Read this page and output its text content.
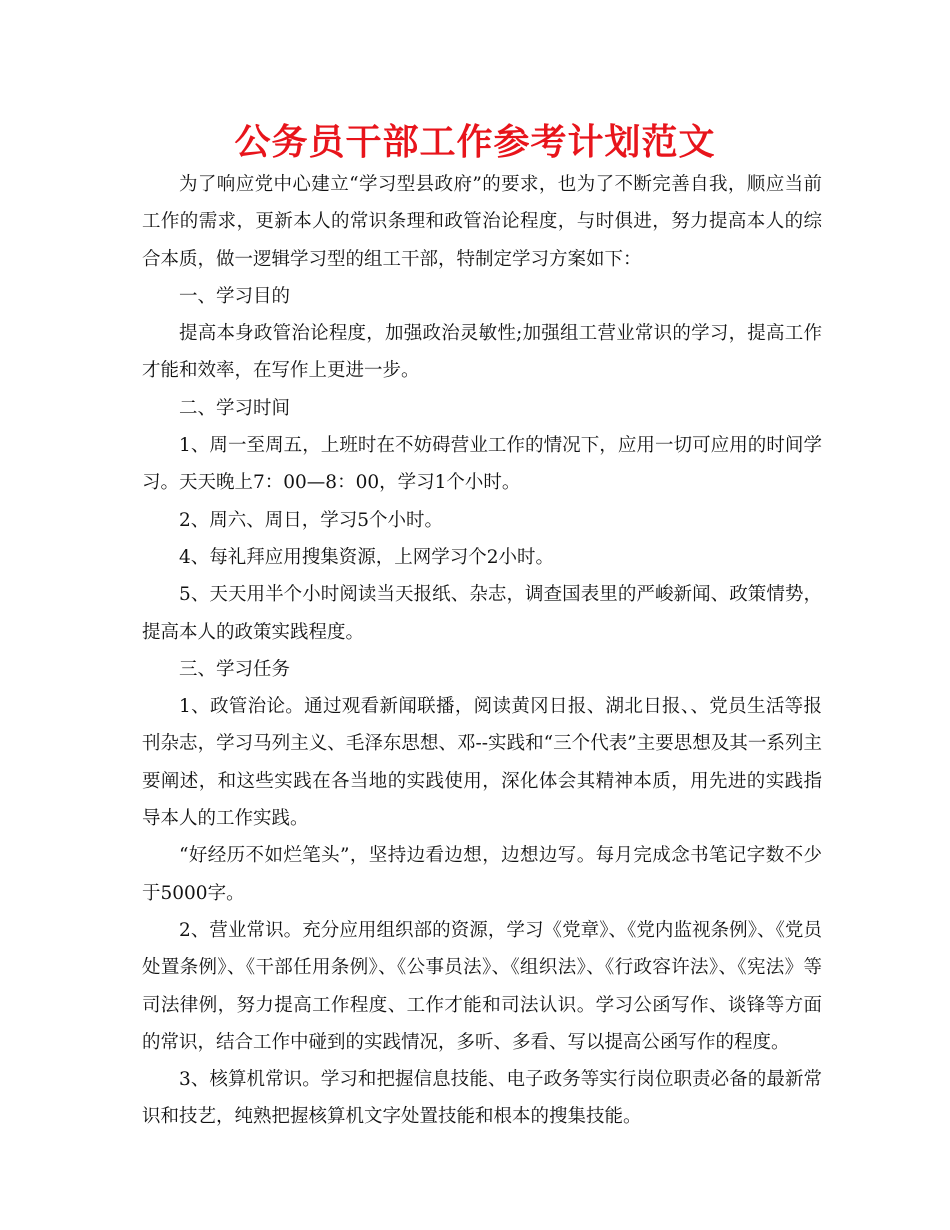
公务员干部工作参考计划范文

为了响应党中心建立“学习型县政府”的要求，也为了不断完善自我，顺应当前工作的需求，更新本人的常识条理和政管治论程度，与时俱进，努力提高本人的综合本质，做一逻辑学习型的组工干部，特制定学习方案如下：

一、学习目的

提高本身政管治论程度，加强政治灵敏性;加强组工营业常识的学习，提高工作才能和效率，在写作上更进一步。

二、学习时间

1、周一至周五，上班时在不妨碍营业工作的情况下，应用一切可应用的时间学习。天天晚上7：00—8：00，学习1个小时。

2、周六、周日，学习5个小时。

4、每礼拜应用搜集资源，上网学习个2小时。

5、天天用半个小时阅读当天报纸、杂志，调查国表里的严峻新闻、政策情势，提高本人的政策实践程度。

三、学习任务

1、政管治论。通过观看新闻联播，阅读黄冈日报、湖北日报、、党员生活等报刊杂志，学习马列主义、毛泽东思想、邓--实践和“三个代表”主要思想及其一系列主要阐述，和这些实践在各当地的实践使用，深化体会其精神本质，用先进的实践指导本人的工作实践。

“好经历不如烂笔头”，坚持边看边想，边想边写。每月完成念书笔记字数不少于5000字。

2、营业常识。充分应用组织部的资源，学习《党章》、《党内监视条例》、《党员处置条例》、《干部任用条例》、《公事员法》、《组织法》、《行政容许法》、《宪法》等司法律例，努力提高工作程度、工作才能和司法认识。学习公函写作、谈锋等方面的常识，结合工作中碰到的实践情况，多听、多看、写以提高公函写作的程度。

3、核算机常识。学习和把握信息技能、电子政务等实行岗位职责必备的最新常识和技艺，纯熟把握核算机文字处置技能和根本的搜集技能。
